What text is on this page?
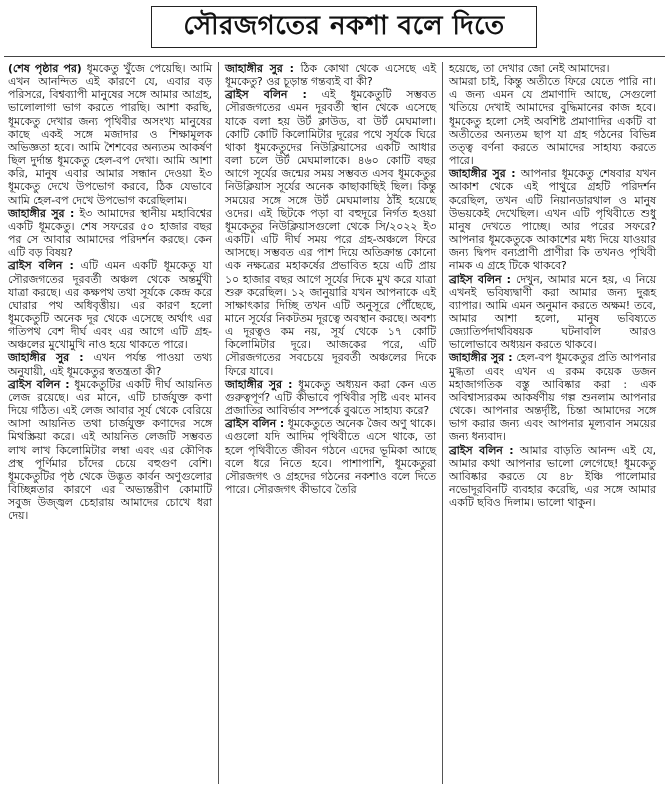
সৌরজগতের নকশা বলে দিতে

(শেষ পৃষ্ঠার পর) ধূমকেতু খুঁজে পেয়েছি। আমি এখন আনন্দিত এই কারণে যে, এবার বড় পরিসরে, বিশ্বব্যাপী মানুষের সঙ্গে আমার আগ্রহ, ভালোলাগা ভাগ করতে পারছি। আশা করছি, ধূমকেতু দেখার জন্য পৃথিবীর অসংখ্য মানুষের কাছে একই সঙ্গে মজাদার ও শিক্ষামূলক অভিজ্ঞতা হবে। আমি শৈশবের অন্যতম আকর্ষণ ছিল দুর্দান্ত ধূমকেতু হেল-বপ দেখা। আমি আশা করি, মানুষ এবার আমার সন্ধান দেওয়া ই৩ ধূমকেতু দেখে উপভোগ করবে, ঠিক যেভাবে আমি হেল-বপ দেখে উপভোগ করেছিলাম।

জাহাঙ্গীর সুর : ই৩ আমাদের স্থানীয় মহাবিশ্বের একটি ধূমকেতু। শেষ সফরের ৫০ হাজার বছর পর সে আবার আমাদের পরিদর্শন করছে। কেন এটি বড় বিষয়?

ব্রাইস বলিন : এটি এমন একটি ধূমকেতু যা সৌরজগতের দূরবর্তী অঞ্চল থেকে অন্তর্মুখী যাত্রা করছে। এর কক্ষপথ তথা সূর্যকে কেন্দ্র করে ঘোরার পথ অধিবৃত্তীয়। এর কারণ হলো ধূমকেতুটি অনেক দূর থেকে এসেছে অর্থাৎ এর গতিপথ বেশ দীর্ঘ এবং এর আগে এটি গ্রহ-অঞ্চলের মুখোমুখি নাও হয়ে থাকতে পারে।

জাহাঙ্গীর সুর : এখন পর্যন্ত পাওয়া তথ্য অনুযায়ী, এই ধূমকেতুর স্বতন্ত্রতা কী?

ব্রাইস বলিন : ধূমকেতুটির একটি দীর্ঘ আয়নিত লেজ রয়েছে। এর মানে, এটি চার্জযুক্ত কণা দিয়ে গঠিত। এই লেজ আবার সূর্য থেকে বেরিয়ে আসা আয়নিত তথা চার্জযুক্ত কণাদের সঙ্গে মিথস্ক্রিয়া করে। এই আয়নিত লেজটি সম্ভবত লাখ লাখ কিলোমিটার লম্বা এবং এর কৌণিক প্রস্থ পূর্ণিমার চাঁদের চেয়ে বহুগুণ বেশি। ধূমকেতুটির পৃষ্ঠ থেকে উদ্ভূত কার্বন অণুগুলোর বিচ্ছিন্নতার কারণে এর অভ্যন্তরীণ কোমাটি সবুজ উজ্জ্বল চেহারায় আমাদের চোখে ধরা দেয়।

জাহাঙ্গীর সুর : ঠিক কোথা থেকে এসেছে এই ধূমকেতু? ওর চূড়ান্ত গন্তব্যই বা কী?

ব্রাইস বলিন : এই ধূমকেতুটি সম্ভবত সৌরজগতের এমন দূরবর্তী স্থান থেকে এসেছে যাকে বলা হয় উর্ট ক্লাউড, বা উর্ট মেঘমালা। কোটি কোটি কিলোমিটার দূরের পথে সূর্যকে ঘিরে থাকা ধূমকেতুদের নিউক্লিয়াসের একটি আধার বলা চলে উর্ট মেঘমালাকে। ৪৬০ কোটি বছর আগে সূর্যের জন্মের সময় সম্ভবত এসব ধূমকেতুর নিউক্লিয়াস সূর্যের অনেক কাছাকাছিই ছিল। কিন্তু সময়ের সঙ্গে সঙ্গে উর্ট মেঘমালায় ঠাঁই হয়েছে ওদের। এই ছিটকে পড়া বা বহুদূরে নির্গত হওয়া ধূমকেতুর নিউক্লিয়াসগুলো থেকে সি/২০২২ ই৩ একটি। এটি দীর্ঘ সময় পরে গ্রহ-অঞ্চলে ফিরে আসছে। সম্ভবত এর পাশ দিয়ে অতিক্রান্ত কোনো এক নক্ষত্রের মহাকর্ষের প্রভাবিত হয়ে এটি প্রায় ১০ হাজার বছর আগে সূর্যের দিকে মুখ করে যাত্রা শুরু করেছিল। ১২ জানুয়ারি যখন আপনাকে এই সাক্ষাৎকার দিচ্ছি তখন এটি অনুসূরে পৌঁছেছে, মানে সূর্যের নিকটতম দূরত্বে অবস্থান করছে। অবশ্য এ দূরত্বও কম নয়, সূর্য থেকে ১৭ কোটি কিলোমিটার দূরে। আজকের পরে, এটি সৌরজগতের সবচেয়ে দূরবর্তী অঞ্চলের দিকে ফিরে যাবে।

জাহাঙ্গীর সুর : ধূমকেতু অধ্যয়ন করা কেন এত গুরুত্বপূর্ণ? এটি কীভাবে পৃথিবীর সৃষ্টি এবং মানব প্রজাতির আবির্ভাব সম্পর্কে বুঝতে সাহায্য করে?

ব্রাইস বলিন : ধূমকেতুতে অনেক জৈব অণু থাকে। এগুলো যদি আদিম পৃথিবীতে এসে থাকে, তা হলে পৃথিবীতে জীবন গঠনে এদের ভূমিকা আছে বলে ধরে নিতে হবে। পাশাপাশি, ধূমকেতুরা সৌরজগৎ ও গ্রহদের গঠনের নকশাও বলে দিতে পারে। সৌরজগৎ কীভাবে তৈরি

হয়েছে, তা দেখার জো নেই আমাদের।

আমরা চাই, কিন্তু অতীতে ফিরে যেতে পারি না। এ জন্য এমন যে প্রমাণাদি আছে, সেগুলো খতিয়ে দেখাই আমাদের বুদ্ধিমানের কাজ হবে। ধূমকেতু হলো সেই অবশিষ্ট প্রমাণাদির একটি বা অতীতের অন্যতম ছাপ যা গ্রহ গঠনের বিভিন্ন তত্ত্ব বর্ণনা করতে আমাদের সাহায্য করতে পারে।

জাহাঙ্গীর সুর : আপনার ধূমকেতু শেষবার যখন আকাশ থেকে এই পাথুরে গ্রহটি পরিদর্শন করেছিল, তখন এটি নিয়ানডারথাল ও মানুষ উভয়কেই দেখেছিল। এখন এটি পৃথিবীতে শুধু মানুষ দেখতে পাচ্ছে। আর পরের সফরে? আপনার ধূমকেতুকে আকাশের মধ্য দিয়ে যাওয়ার জন্য দ্বিপদ বন্যপ্রাণী প্রাণীরা কি তখনও পৃথিবী নামক এ গ্রহে টিকে থাকবে?

ব্রাইস বলিন : দেখুন, আমার মনে হয়, এ নিয়ে এখনই ভবিষ্যদ্বাণী করা আমার জন্য দুরূহ ব্যাপার। আমি এমন অনুমান করতে অক্ষম! তবে, আমার আশা হলো, মানুষ ভবিষ্যতে জ্যোতির্পদার্থবিষয়ক ঘটনাবলি আরও ভালোভাবে অধ্যয়ন করতে থাকবে।

জাহাঙ্গীর সুর : হেল-বপ ধূমকেতুর প্রতি আপনার মুগ্ধতা এবং এখন এ রকম কয়েক ডজন মহাজাগতিক বস্তু আবিষ্কার করা : এক অবিশ্বাস্যরকম আকর্ষণীয় গল্প শুনলাম আপনার থেকে। আপনার অন্তর্দৃষ্টি, চিন্তা আমাদের সঙ্গে ভাগ করার জন্য এবং আপনার মূল্যবান সময়ের জন্য ধন্যবাদ।

ব্রাইস বলিন : আমার বাড়তি আনন্দ এই যে, আমার কথা আপনার ভালো লেগেছে! ধূমকেতু আবিষ্কার করতে যে ৪৮ ইঞ্চি পালোমার নভোদূরবিনটি ব্যবহার করেছি, এর সঙ্গে আমার একটি ছবিও দিলাম। ভালো থাকুন।
